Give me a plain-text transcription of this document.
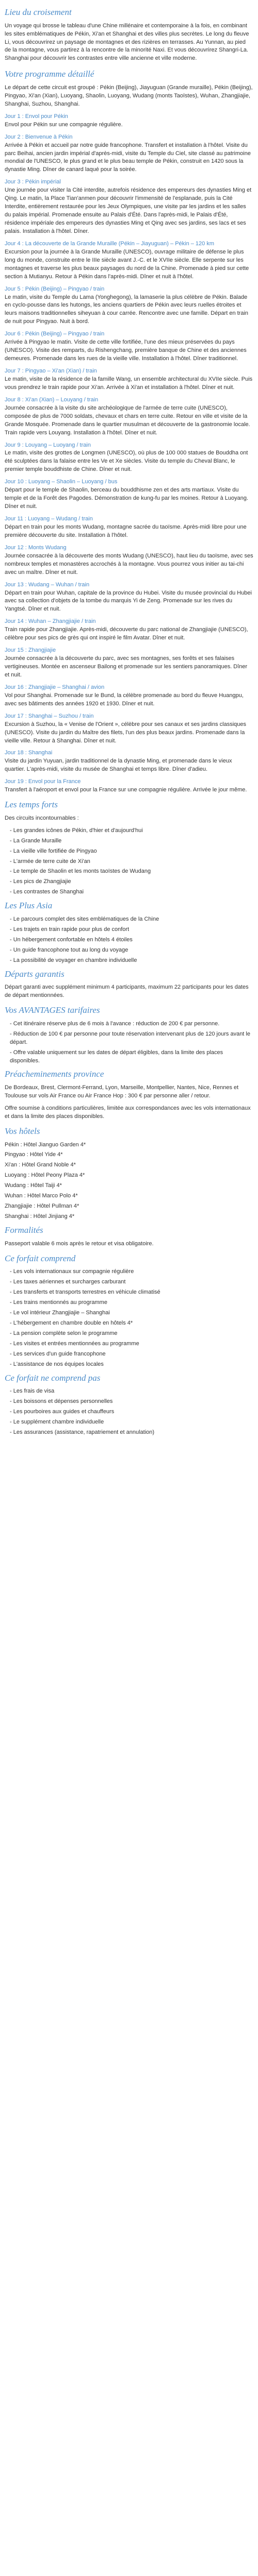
Lieu du croisement

Un voyage qui brosse le tableau d'une Chine millénaire et contemporaine à la fois, en combinant les sites emblématiques de Pékin, Xi'an et Shanghai et des villes plus secrètes. Le long du fleuve Li, vous découvrirez un paysage de montagnes et des rizières en terrasses. Au Yunnan, au pied de la montagne, vous partirez à la rencontre de la minorité Naxi. Et vous découvrirez Shangri-La. Shanghai pour découvrir les contrastes entre ville ancienne et ville moderne.

Votre programme détaillé

Le départ de cette circuit est groupé : Pékin (Beijing), Jiayuguan (Grande muraille), Pékin (Beijing), Pingyao, Xi'an (Xian), Luoyang, Shaolin, Luoyang, Wudang (monts Taoïstes), Wuhan, Zhangjiajie, Shanghai, Suzhou, Shanghai.

Jour 1 : Envol pour Pékin
Envol pour Pékin sur une compagnie régulière.
Jour 2 : Bienvenue à Pékin
Arrivée à Pékin et accueil par notre guide francophone. Transfert et installation à l'hôtel. Visite du parc Beihai, ancien jardin impérial d'après-midi, visite du Temple du Ciel, site classé au patrimoine mondial de l'UNESCO, le plus grand et le plus beau temple de Pékin, construit en 1420 sous la dynastie Ming. Dîner de canard laqué pour la soirée.
Jour 3 : Pékin impérial
Une journée pour visiter la Cité interdite, autrefois résidence des empereurs des dynasties Ming et Qing. Le matin, la Place Tian'anmen pour découvrir l'immensité de l'esplanade, puis la Cité Interdite, entièrement restaurée pour les Jeux Olympiques, une visite par les jardins et les salles du palais impérial. Promenade ensuite au Palais d'Été. Dans l'après-midi, le Palais d'Été, résidence impériale des empereurs des dynasties Ming et Qing avec ses jardins, ses lacs et ses palais. Installation à l'hôtel. Dîner.
Jour 4 : La découverte de la Grande Muraille (Pékin – Jiayuguan) – Pékin – 120 km
Excursion pour la journée à la Grande Muraille (UNESCO), ouvrage militaire de défense le plus long du monde, construite entre le IIIe siècle avant J.-C. et le XVIIe siècle. Elle serpente sur les montagnes et traverse les plus beaux paysages du nord de la Chine. Promenade à pied sur cette section à Mutianyu. Retour à Pékin dans l'après-midi. Dîner et nuit à l'hôtel.
Jour 5 : Pékin (Beijing) – Pingyao / train
Le matin, visite du Temple du Lama (Yonghegong), la lamaserie la plus célèbre de Pékin. Balade en cyclo-pousse dans les hutongs, les anciens quartiers de Pékin avec leurs ruelles étroites et leurs maisons traditionnelles siheyuan à cour carrée. Rencontre avec une famille. Départ en train de nuit pour Pingyao. Nuit à bord.
Jour 6 : Pékin (Beijing) – Pingyao / train
Arrivée à Pingyao le matin. Visite de cette ville fortifiée, l'une des mieux préservées du pays (UNESCO). Visite des remparts, du Rishengchang, première banque de Chine et des anciennes demeures. Promenade dans les rues de la vieille ville. Installation à l'hôtel. Dîner traditionnel.
Jour 7 : Pingyao – Xi'an (Xian) / train
Le matin, visite de la résidence de la famille Wang, un ensemble architectural du XVIIe siècle. Puis vous prendrez le train rapide pour Xi'an. Arrivée à Xi'an et installation à l'hôtel. Dîner et nuit.
Jour 8 : Xi'an (Xian) – Louyang / train
Journée consacrée à la visite du site archéologique de l'armée de terre cuite (UNESCO), composée de plus de 7000 soldats, chevaux et chars en terre cuite. Retour en ville et visite de la Grande Mosquée. Promenade dans le quartier musulman et découverte de la gastronomie locale. Train rapide vers Louyang. Installation à l'hôtel. Dîner et nuit.
Jour 9 : Louyang – Luoyang / train
Le matin, visite des grottes de Longmen (UNESCO), où plus de 100 000 statues de Bouddha ont été sculptées dans la falaise entre les Ve et Xe siècles. Visite du temple du Cheval Blanc, le premier temple bouddhiste de Chine. Dîner et nuit.
Jour 10 : Luoyang – Shaolin – Luoyang / bus
Départ pour le temple de Shaolin, berceau du bouddhisme zen et des arts martiaux. Visite du temple et de la Forêt des Pagodes. Démonstration de kung-fu par les moines. Retour à Luoyang. Dîner et nuit.
Jour 11 : Luoyang – Wudang / train
Départ en train pour les monts Wudang, montagne sacrée du taoïsme. Après-midi libre pour une première découverte du site. Installation à l'hôtel.
Jour 12 : Monts Wudang
Journée consacrée à la découverte des monts Wudang (UNESCO), haut lieu du taoïsme, avec ses nombreux temples et monastères accrochés à la montagne. Vous pourrez vous initier au tai-chi avec un maître. Dîner et nuit.
Jour 13 : Wudang – Wuhan / train
Départ en train pour Wuhan, capitale de la province du Hubei. Visite du musée provincial du Hubei avec sa collection d'objets de la tombe du marquis Yi de Zeng. Promenade sur les rives du Yangtsé. Dîner et nuit.
Jour 14 : Wuhan – Zhangjiajie / train
Train rapide pour Zhangjiajie. Après-midi, découverte du parc national de Zhangjiajie (UNESCO), célèbre pour ses pics de grès qui ont inspiré le film Avatar. Dîner et nuit.
Jour 15 : Zhangjiajie
Journée consacrée à la découverte du parc, avec ses montagnes, ses forêts et ses falaises vertigineuses. Montée en ascenseur Bailong et promenade sur les sentiers panoramiques. Dîner et nuit.
Jour 16 : Zhangjiajie – Shanghai / avion
Vol pour Shanghai. Promenade sur le Bund, la célèbre promenade au bord du fleuve Huangpu, avec ses bâtiments des années 1920 et 1930. Dîner et nuit.
Jour 17 : Shanghai – Suzhou / train
Excursion à Suzhou, la « Venise de l'Orient », célèbre pour ses canaux et ses jardins classiques (UNESCO). Visite du jardin du Maître des filets, l'un des plus beaux jardins. Promenade dans la vieille ville. Retour à Shanghai. Dîner et nuit.
Jour 18 : Shanghai
Visite du jardin Yuyuan, jardin traditionnel de la dynastie Ming, et promenade dans le vieux quartier. L'après-midi, visite du musée de Shanghai et temps libre. Dîner d'adieu.
Jour 19 : Envol pour la France
Transfert à l'aéroport et envol pour la France sur une compagnie régulière. Arrivée le jour même.
Les temps forts

Des circuits incontournables :

- Les grandes icônes de Pékin, d'hier et d'aujourd'hui
- La Grande Muraille
- La vieille ville fortifiée de Pingyao
- L'armée de terre cuite de Xi'an
- Le temple de Shaolin et les monts taoïstes de Wudang
- Les pics de Zhangjiajie
- Les contrastes de Shanghai
Les Plus Asia
- Le parcours complet des sites emblématiques de la Chine
- Les trajets en train rapide pour plus de confort
- Un hébergement confortable en hôtels 4 étoiles
- Un guide francophone tout au long du voyage
- La possibilité de voyager en chambre individuelle
Départs garantis

Départ garanti avec supplément minimum 4 participants, maximum 22 participants pour les dates de départ mentionnées.

Vos AVANTAGES tarifaires
- Cet itinéraire réserve plus de 6 mois à l'avance : réduction de 200 € par personne.
- Réduction de 100 € par personne pour toute réservation intervenant plus de 120 jours avant le départ.
- Offre valable uniquement sur les dates de départ éligibles, dans la limite des places disponibles.
Préacheminements province

De Bordeaux, Brest, Clermont-Ferrand, Lyon, Marseille, Montpellier, Nantes, Nice, Rennes et Toulouse sur vols Air France ou Air France Hop : 300 € par personne aller / retour.

Offre soumise à conditions particulières, limitée aux correspondances avec les vols internationaux et dans la limite des places disponibles.

Vos hôtels

Pékin : Hôtel Jianguo Garden 4*

Pingyao : Hôtel Yide 4*

Xi'an : Hôtel Grand Noble 4*

Luoyang : Hôtel Peony Plaza 4*

Wudang : Hôtel Taiji 4*

Wuhan : Hôtel Marco Polo 4*

Zhangjiajie : Hôtel Pullman 4*

Shanghai : Hôtel Jinjiang 4*

Formalités

Passeport valable 6 mois après le retour et visa obligatoire.

Ce forfait comprend
- Les vols internationaux sur compagnie régulière
- Les taxes aériennes et surcharges carburant
- Les transferts et transports terrestres en véhicule climatisé
- Les trains mentionnés au programme
- Le vol intérieur Zhangjiajie – Shanghai
- L'hébergement en chambre double en hôtels 4*
- La pension complète selon le programme
- Les visites et entrées mentionnées au programme
- Les services d'un guide francophone
- L'assistance de nos équipes locales
Ce forfait ne comprend pas
- Les frais de visa
- Les boissons et dépenses personnelles
- Les pourboires aux guides et chauffeurs
- Le supplément chambre individuelle
- Les assurances (assistance, rapatriement et annulation)
